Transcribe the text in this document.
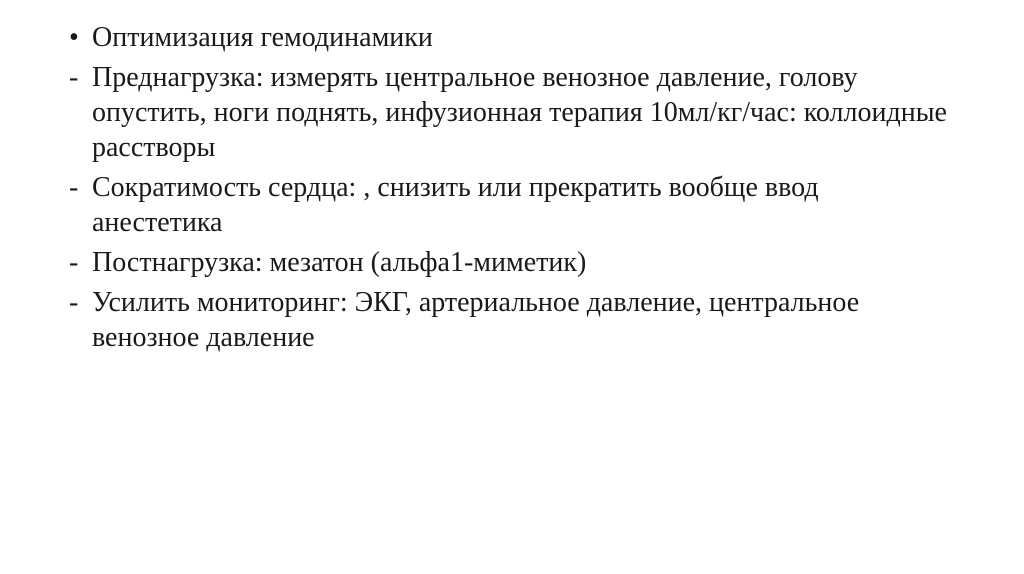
• Оптимизация гемодинамики
- Преднагрузка: измерять центральное венозное давление, голову опустить, ноги поднять, инфузионная терапия 10мл/кг/час: коллоидные расстворы
- Сократимость сердца: , снизить или прекратить вообще ввод анестетика
- Постнагрузка: мезатон (альфа1-миметик)
- Усилить мониторинг: ЭКГ, артериальное давление, центральное венозное давление
